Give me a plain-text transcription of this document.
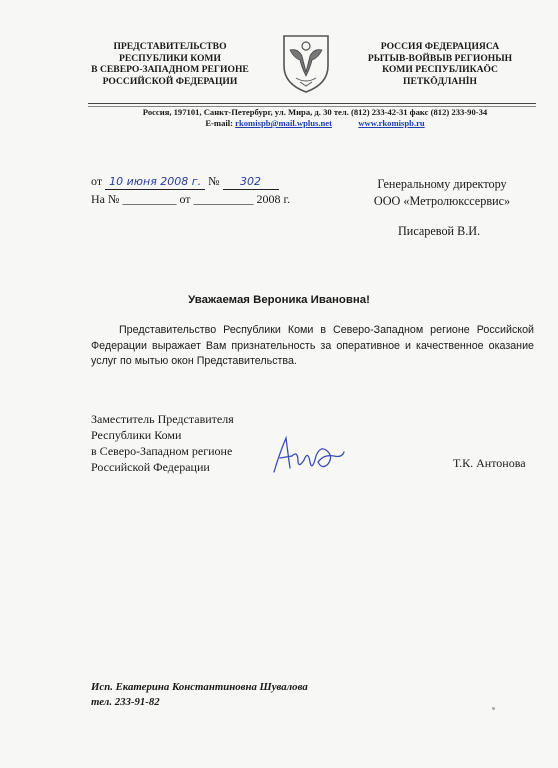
ПРЕДСТАВИТЕЛЬСТВО
РЕСПУБЛИКИ КОМИ
В СЕВЕРО-ЗАПАДНОМ РЕГИОНЕ
РОССИЙСКОЙ ФЕДЕРАЦИИ
РОССИЯ ФЕДЕРАЦИЯСА
РЫТЫВ-ВОЙВЫВ РЕГИОНЫН
КОМИ РЕСПУБЛИКАÖС
ПЕТКÖДЛАНİН
Россия, 197101, Санкт-Петербург, ул. Мира, д. 30 тел. (812) 233-42-31 факс (812) 233-90-34
E-mail: rkomispb@mail.wplus.net	www.rkomispb.ru
от 10 июня 2008 г. № 302
На № _________ от __________ 2008 г.
Генеральному директору
ООО «Метролюкссервис»
Писаревой В.И.
Уважаемая Вероника Ивановна!
Представительство Республики Коми в Северо-Западном регионе Российской Федерации выражает Вам признательность за оперативное и качественное оказание услуг по мытью окон Представительства.
Заместитель Представителя
Республики Коми
в Северо-Западном регионе
Российской Федерации	Т.К. Антонова
Исп. Екатерина Константиновна Шувалова
тел. 233-91-82
